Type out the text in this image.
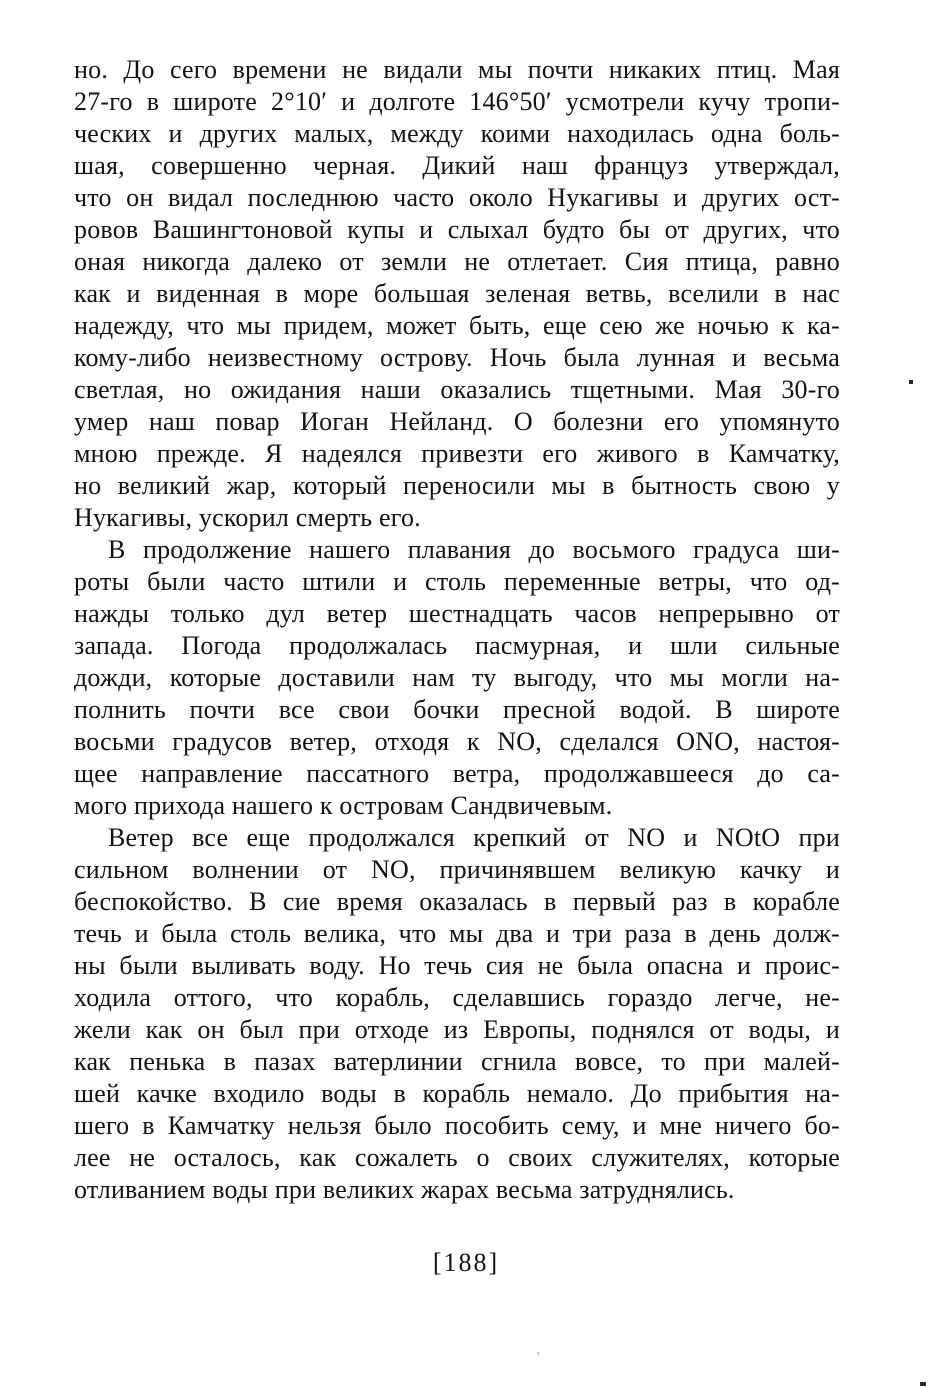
но. До сего времени не видали мы почти никаких птиц. Мая
27-го в широте 2°10′ и долготе 146°50′ усмотрели кучу тропи-
ческих и других малых, между коими находилась одна боль-
шая, совершенно черная. Дикий наш француз утверждал,
что он видал последнюю часто около Нукагивы и других ост-
ровов Вашингтоновой купы и слыхал будто бы от других, что
оная никогда далеко от земли не отлетает. Сия птица, равно
как и виденная в море большая зеленая ветвь, вселили в нас
надежду, что мы придем, может быть, еще сею же ночью к ка-
кому-либо неизвестному острову. Ночь была лунная и весьма
светлая, но ожидания наши оказались тщетными. Мая 30-го
умер наш повар Иоган Нейланд. О болезни его упомянуто
мною прежде. Я надеялся привезти его живого в Камчатку,
но великий жар, который переносили мы в бытность свою у
Нукагивы, ускорил смерть его.
В продолжение нашего плавания до восьмого градуса ши-
роты были часто штили и столь переменные ветры, что од-
нажды только дул ветер шестнадцать часов непрерывно от
запада. Погода продолжалась пасмурная, и шли сильные
дожди, которые доставили нам ту выгоду, что мы могли на-
полнить почти все свои бочки пресной водой. В широте
восьми градусов ветер, отходя к NO, сделался ONO, настоя-
щее направление пассатного ветра, продолжавшееся до са-
мого прихода нашего к островам Сандвичевым.
Ветер все еще продолжался крепкий от NO и NOtO при
сильном волнении от NO, причинявшем великую качку и
беспокойство. В сие время оказалась в первый раз в корабле
течь и была столь велика, что мы два и три раза в день долж-
ны были выливать воду. Но течь сия не была опасна и проис-
ходила оттого, что корабль, сделавшись гораздо легче, не-
жели как он был при отходе из Европы, поднялся от воды, и
как пенька в пазах ватерлинии сгнила вовсе, то при малей-
шей качке входило воды в корабль немало. До прибытия на-
шего в Камчатку нельзя было пособить сему, и мне ничего бо-
лее не осталось, как сожалеть о своих служителях, которые
отливанием воды при великих жарах весьма затруднялись.
[188]
